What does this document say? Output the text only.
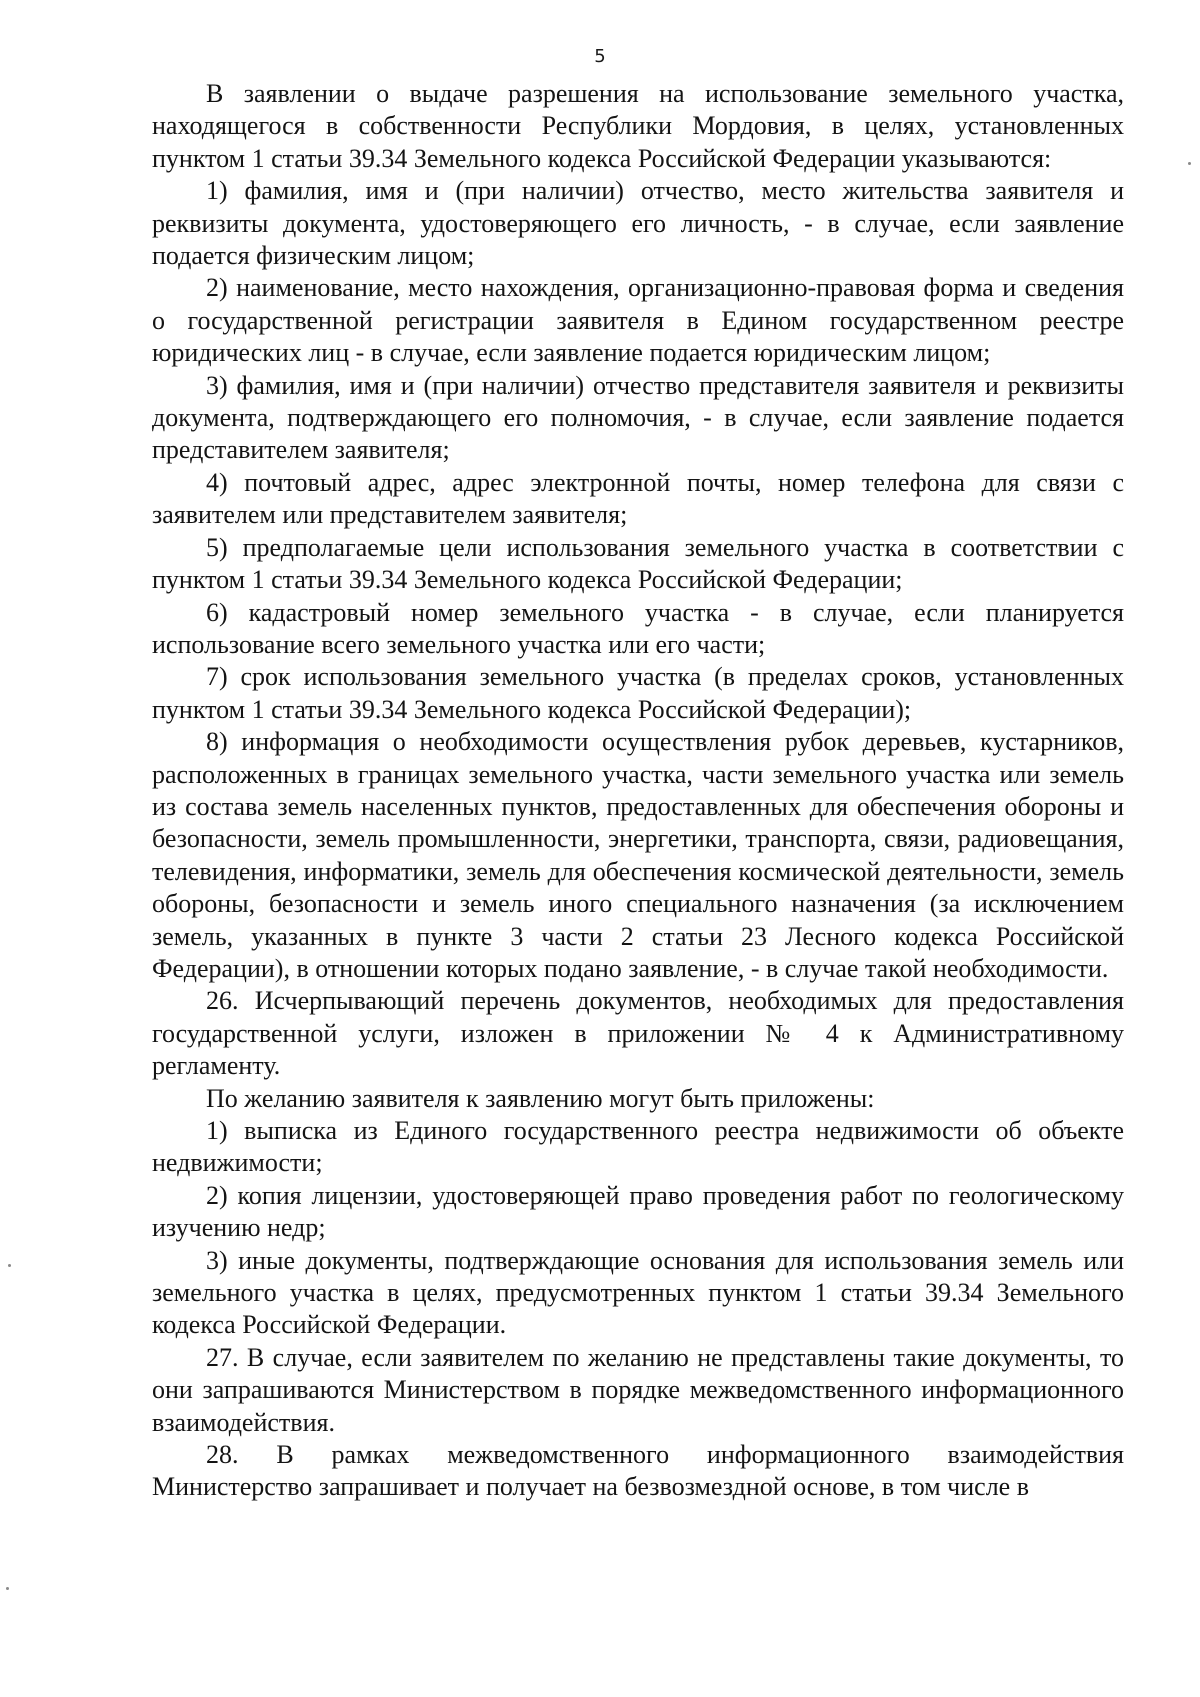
5

В заявлении о выдаче разрешения на использование земельного участка, находящегося в собственности Республики Мордовия, в целях, установленных пунктом 1 статьи 39.34 Земельного кодекса Российской Федерации указываются:

1) фамилия, имя и (при наличии) отчество, место жительства заявителя и реквизиты документа, удостоверяющего его личность, - в случае, если заявление подается физическим лицом;

2) наименование, место нахождения, организационно-правовая форма и сведения о государственной регистрации заявителя в Едином государственном реестре юридических лиц - в случае, если заявление подается юридическим лицом;

3) фамилия, имя и (при наличии) отчество представителя заявителя и реквизиты документа, подтверждающего его полномочия, - в случае, если заявление подается представителем заявителя;

4) почтовый адрес, адрес электронной почты, номер телефона для связи с заявителем или представителем заявителя;

5) предполагаемые цели использования земельного участка в соответствии с пунктом 1 статьи 39.34 Земельного кодекса Российской Федерации;

6) кадастровый номер земельного участка - в случае, если планируется использование всего земельного участка или его части;

7) срок использования земельного участка (в пределах сроков, установленных пунктом 1 статьи 39.34 Земельного кодекса Российской Федерации);

8) информация о необходимости осуществления рубок деревьев, кустарников, расположенных в границах земельного участка, части земельного участка или земель из состава земель населенных пунктов, предоставленных для обеспечения обороны и безопасности, земель промышленности, энергетики, транспорта, связи, радиовещания, телевидения, информатики, земель для обеспечения космической деятельности, земель обороны, безопасности и земель иного специального назначения (за исключением земель, указанных в пункте 3 части 2 статьи 23 Лесного кодекса Российской Федерации), в отношении которых подано заявление, - в случае такой необходимости.

26. Исчерпывающий перечень документов, необходимых для предоставления государственной услуги, изложен в приложении № 4 к Административному регламенту.

По желанию заявителя к заявлению могут быть приложены:

1) выписка из Единого государственного реестра недвижимости об объекте недвижимости;

2) копия лицензии, удостоверяющей право проведения работ по геологическому изучению недр;

3) иные документы, подтверждающие основания для использования земель или земельного участка в целях, предусмотренных пунктом 1 статьи 39.34 Земельного кодекса Российской Федерации.

27. В случае, если заявителем по желанию не представлены такие документы, то они запрашиваются Министерством в порядке межведомственного информационного взаимодействия.

28. В рамках межведомственного информационного взаимодействия Министерство запрашивает и получает на безвозмездной основе, в том числе в
